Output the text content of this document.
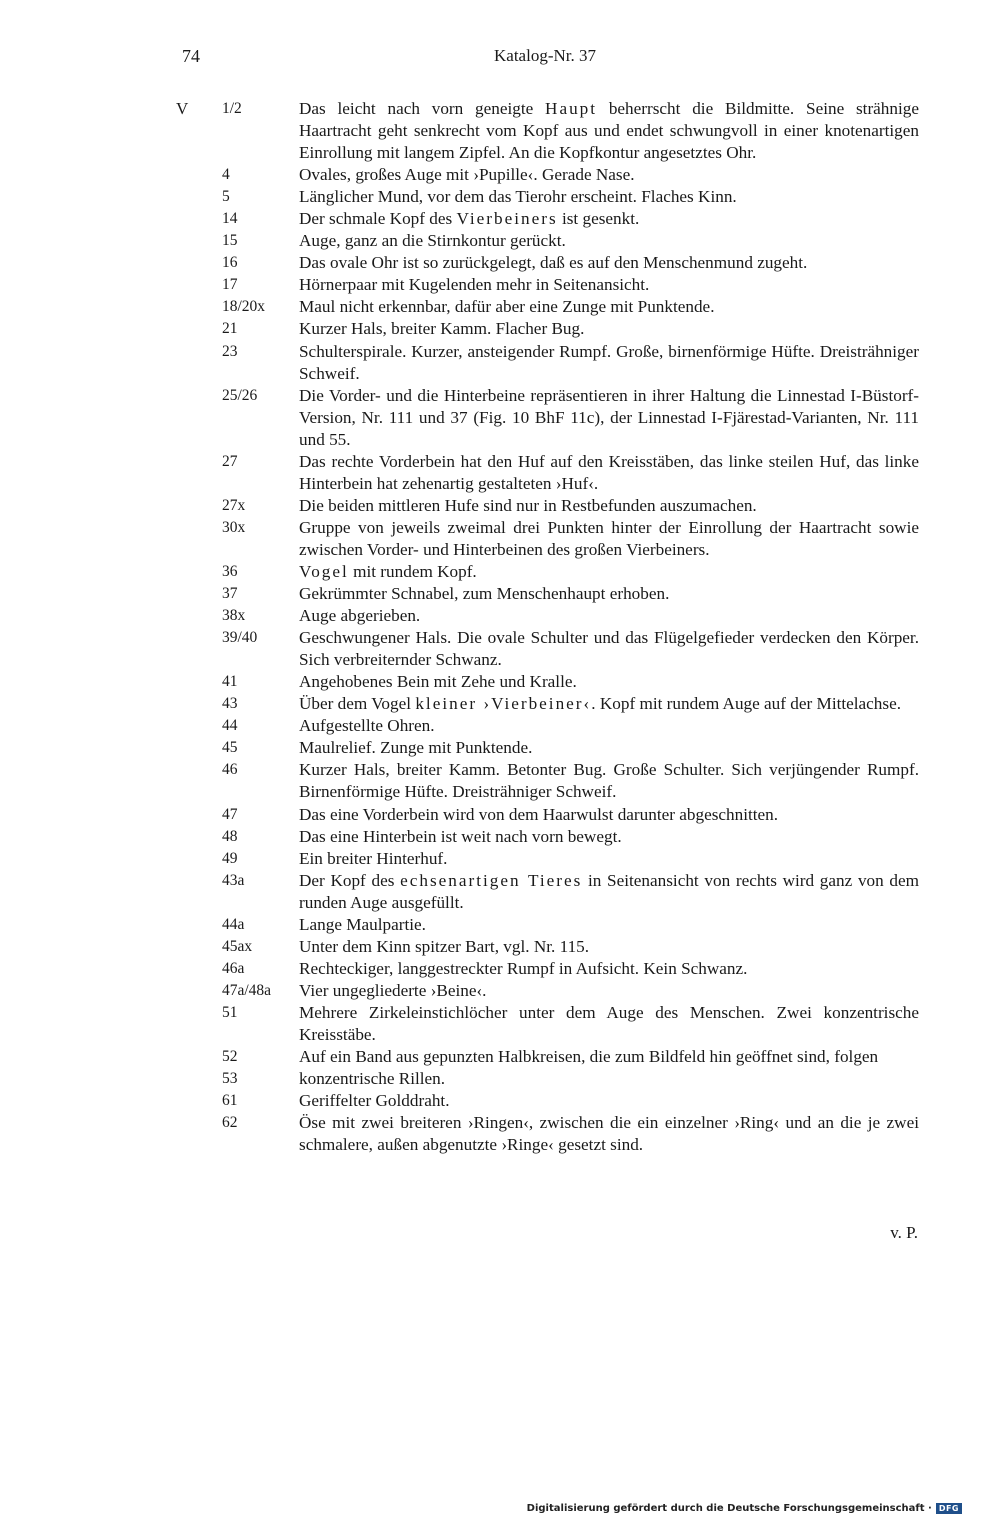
74	Katalog-Nr. 37
V 1/2	Das leicht nach vorn geneigte Haupt beherrscht die Bildmitte. Seine strähnige Haartracht geht senkrecht vom Kopf aus und endet schwungvoll in einer knotenartigen Einrollung mit langem Zipfel. An die Kopfkontur angesetztes Ohr.
4	Ovales, großes Auge mit ›Pupille‹. Gerade Nase.
5	Länglicher Mund, vor dem das Tierohr erscheint. Flaches Kinn.
14	Der schmale Kopf des Vierbeiners ist gesenkt.
15	Auge, ganz an die Stirnkontur gerückt.
16	Das ovale Ohr ist so zurückgelegt, daß es auf den Menschenmund zugeht.
17	Hörnerpaar mit Kugelenden mehr in Seitenansicht.
18/20x	Maul nicht erkennbar, dafür aber eine Zunge mit Punktende.
21	Kurzer Hals, breiter Kamm. Flacher Bug.
23	Schulterspirale. Kurzer, ansteigender Rumpf. Große, birnenförmige Hüfte. Dreisträhniger Schweif.
25/26	Die Vorder- und die Hinterbeine repräsentieren in ihrer Haltung die Linnestad I-Büstorf-Version, Nr. 111 und 37 (Fig. 10 BhF 11c), der Linnestad I-Fjärestad-Varianten, Nr. 111 und 55.
27	Das rechte Vorderbein hat den Huf auf den Kreisstäben, das linke steilen Huf, das linke Hinterbein hat zehenartig gestalteten ›Huf‹.
27x	Die beiden mittleren Hufe sind nur in Restbefunden auszumachen.
30x	Gruppe von jeweils zweimal drei Punkten hinter der Einrollung der Haartracht sowie zwischen Vorder- und Hinterbeinen des großen Vierbeiners.
36	Vogel mit rundem Kopf.
37	Gekrümmter Schnabel, zum Menschenhaupt erhoben.
38x	Auge abgerieben.
39/40	Geschwungener Hals. Die ovale Schulter und das Flügelgefieder verdecken den Körper. Sich verbreiternder Schwanz.
41	Angehobenes Bein mit Zehe und Kralle.
43	Über dem Vogel kleiner ›Vierbeiner‹. Kopf mit rundem Auge auf der Mittelachse.
44	Aufgestellte Ohren.
45	Maulrelief. Zunge mit Punktende.
46	Kurzer Hals, breiter Kamm. Betonter Bug. Große Schulter. Sich verjüngender Rumpf. Birnenförmige Hüfte. Dreisträhniger Schweif.
47	Das eine Vorderbein wird von dem Haarwulst darunter abgeschnitten.
48	Das eine Hinterbein ist weit nach vorn bewegt.
49	Ein breiter Hinterhuf.
43a	Der Kopf des echsenartigen Tieres in Seitenansicht von rechts wird ganz von dem runden Auge ausgefüllt.
44a	Lange Maulpartie.
45ax	Unter dem Kinn spitzer Bart, vgl. Nr. 115.
46a	Rechteckiger, langgestreckter Rumpf in Aufsicht. Kein Schwanz.
47a/48a	Vier ungegliederte ›Beine‹.
51	Mehrere Zirkeleinstichlöcher unter dem Auge des Menschen. Zwei konzentrische Kreisstäbe.
52	Auf ein Band aus gepunzten Halbkreisen, die zum Bildfeld hin geöffnet sind, folgen
53	konzentrische Rillen.
61	Geriffelter Golddraht.
62	Öse mit zwei breiteren ›Ringen‹, zwischen die ein einzelner ›Ring‹ und an die je zwei schmalere, außen abgenutzte ›Ringe‹ gesetzt sind.
v. P.
Digitalisierung gefördert durch die Deutsche Forschungsgemeinschaft · DFG
